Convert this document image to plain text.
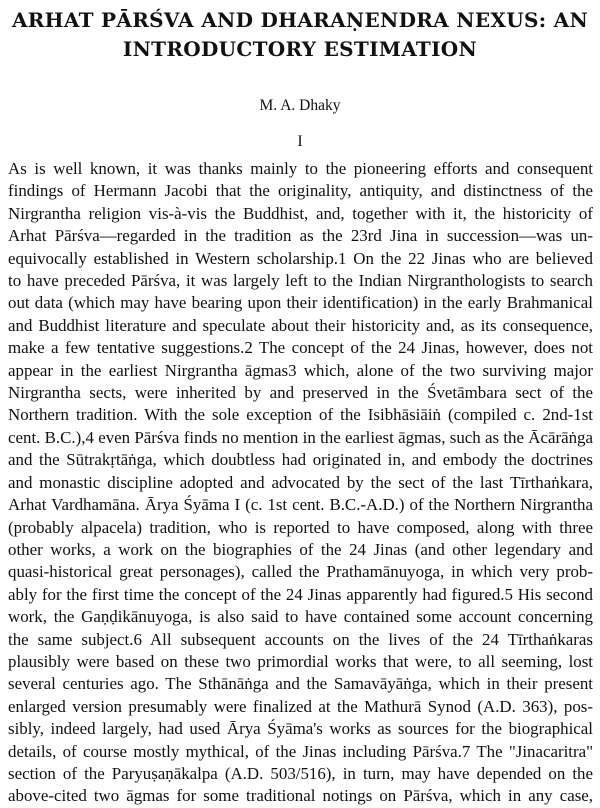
ARHAT PĀRŚVA AND DHARAṆENDRA NEXUS: AN
INTRODUCTORY ESTIMATION

M. A. Dhaky

I

As is well known, it was thanks mainly to the pioneering efforts and consequent
findings of Hermann Jacobi that the originality, antiquity, and distinctness of the
Nirgrantha religion vis-à-vis the Buddhist, and, together with it, the historicity of
Arhat Pārśva—regarded in the tradition as the 23rd Jina in succession—was un-
equivocally established in Western scholarship.1 On the 22 Jinas who are believed
to have preceded Pārśva, it was largely left to the Indian Nirgranthologists to search
out data (which may have bearing upon their identification) in the early Brahmanical
and Buddhist literature and speculate about their historicity and, as its consequence,
make a few tentative suggestions.2 The concept of the 24 Jinas, however, does not
appear in the earliest Nirgrantha āgmas3 which, alone of the two surviving major
Nirgrantha sects, were inherited by and preserved in the Śvetāmbara sect of the
Northern tradition. With the sole exception of the Isibhāsiāiṅ (compiled c. 2nd-1st
cent. B.C.),4 even Pārśva finds no mention in the earliest āgmas, such as the Ācārāṅga
and the Sūtrakṛtāṅga, which doubtless had originated in, and embody the doctrines
and monastic discipline adopted and advocated by the sect of the last Tīrthaṅkara,
Arhat Vardhamāna. Ārya Śyāma I (c. 1st cent. B.C.-A.D.) of the Northern Nirgrantha
(probably alpacela) tradition, who is reported to have composed, along with three
other works, a work on the biographies of the 24 Jinas (and other legendary and
quasi-historical great personages), called the Prathamānuyoga, in which very prob-
ably for the first time the concept of the 24 Jinas apparently had figured.5 His second
work, the Gaṇḍikānuyoga, is also said to have contained some account concerning
the same subject.6 All subsequent accounts on the lives of the 24 Tīrthaṅkaras
plausibly were based on these two primordial works that were, to all seeming, lost
several centuries ago. The Sthānāṅga and the Samavāyāṅga, which in their present
enlarged version presumably were finalized at the Mathurā Synod (A.D. 363), pos-
sibly, indeed largely, had used Ārya Śyāma's works as sources for the biographical
details, of course mostly mythical, of the Jinas including Pārśva.7 The "Jinacaritra"
section of the Paryuṣaṇākalpa (A.D. 503/516), in turn, may have depended on the
above-cited two āgmas for some traditional notings on Pārśva, which in any case,
